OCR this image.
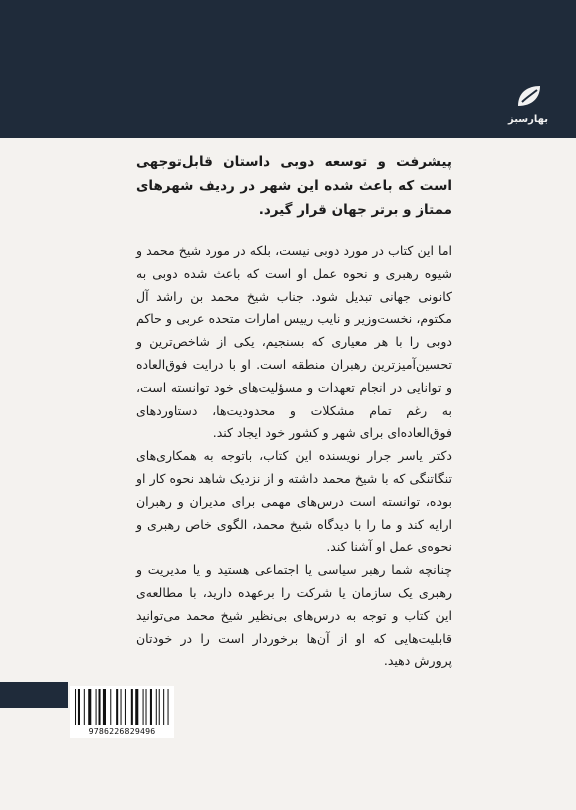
بهارسبز

پیشرفت و توسعه دوبی داستان قابل‌توجهی است که باعث شده این شهر در ردیف شهرهای ممتاز و برتر جهان قرار گیرد.

اما این کتاب در مورد دوبی نیست، بلکه در مورد شیخ محمد و شیوه رهبری و نحوه عمل او است که باعث شده دوبی به کانونی جهانی تبدیل شود. جناب شیخ محمد بن راشد آل مکتوم، نخست‌وزیر و نایب رییس امارات متحده عربی و حاکم دوبی را با هر معیاری که بسنجیم، یکی از شاخص‌ترین و تحسین‌آمیزترین رهبران منطقه است. او با درایت فوق‌العاده و توانایی در انجام تعهدات و مسؤلیت‌های خود توانسته است، به رغم تمام مشکلات و محدودیت‌ها، دستاوردهای فوق‌العاده‌ای برای شهر و کشور خود ایجاد کند.

دکتر یاسر جرار نویسنده این کتاب، باتوجه به همکاری‌های تنگاتنگی که با شیخ محمد داشته و از نزدیک شاهد نحوه کار او بوده، توانسته است درس‌های مهمی برای مدیران و رهبران ارایه کند و ما را با دیدگاه شیخ محمد، الگوی خاص رهبری و نحوه‌ی عمل او آشنا کند.

چنانچه شما رهبر سیاسی یا اجتماعی هستید و یا مدیریت و رهبری یک سازمان یا شرکت را برعهده دارید، با مطالعه‌ی این کتاب و توجه به درس‌های بی‌نظیر شیخ محمد می‌توانید قابلیت‌هایی که او از آن‌ها برخوردار است را در خودتان پرورش دهید.

9786226829496
